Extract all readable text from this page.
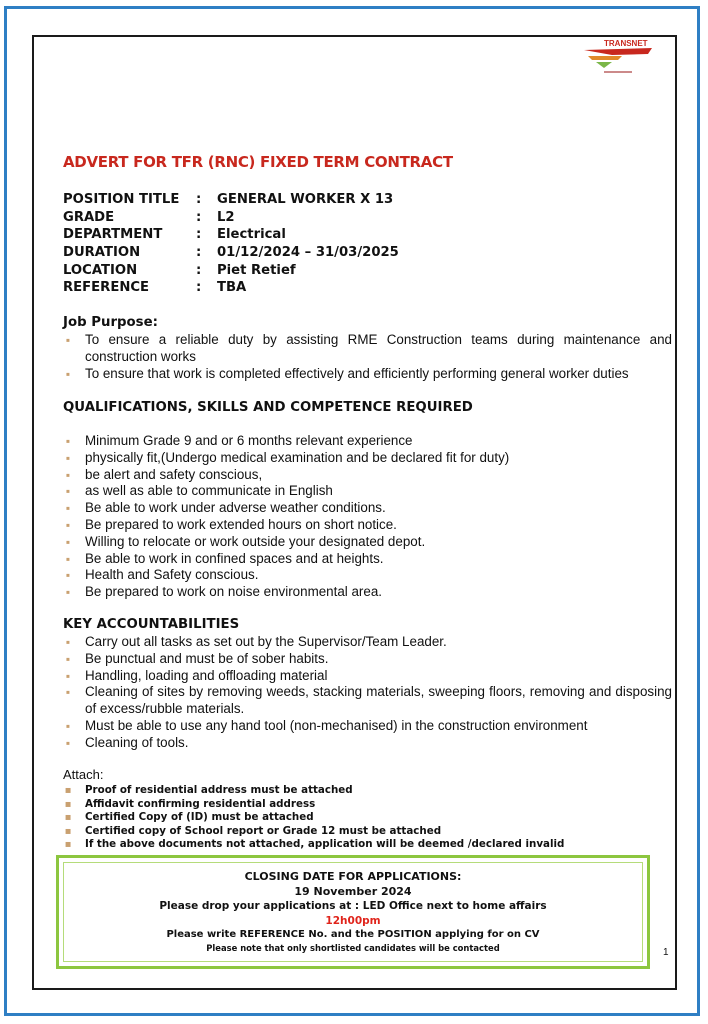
TRANSNET
ADVERT FOR TFR (RNC) FIXED TERM CONTRACT
POSITION TITLE	:	GENERAL WORKER X 13
GRADE	:	L2
DEPARTMENT	:	Electrical
DURATION	:	01/12/2024 – 31/03/2025
LOCATION	:	Piet Retief
REFERENCE	:	TBA
Job Purpose:
▪ To ensure a reliable duty by assisting RME Construction teams during maintenance and construction works
▪ To ensure that work is completed effectively and efficiently performing general worker duties
QUALIFICATIONS, SKILLS AND COMPETENCE REQUIRED
▪ Minimum Grade 9 and or 6 months relevant experience
▪ physically fit,(Undergo medical examination and be declared fit for duty)
▪ be alert and safety conscious,
▪ as well as able to communicate in English
▪ Be able to work under adverse weather conditions.
▪ Be prepared to work extended hours on short notice.
▪ Willing to relocate or work outside your designated depot.
▪ Be able to work in confined spaces and at heights.
▪ Health and Safety conscious.
▪ Be prepared to work on noise environmental area.
KEY ACCOUNTABILITIES
▪ Carry out all tasks as set out by the Supervisor/Team Leader.
▪ Be punctual and must be of sober habits.
▪ Handling, loading and offloading material
▪ Cleaning of sites by removing weeds, stacking materials, sweeping floors, removing and disposing of excess/rubble materials.
▪ Must be able to use any hand tool (non-mechanised) in the construction environment
▪ Cleaning of tools.
Attach:
▪ Proof of residential address must be attached
▪ Affidavit confirming residential address
▪ Certified Copy of (ID) must be attached
▪ Certified copy of School report or Grade 12 must be attached
▪ If the above documents not attached, application will be deemed /declared invalid
CLOSING DATE FOR APPLICATIONS:
19 November 2024
Please drop your applications at : LED Office next to home affairs
12h00pm
Please write REFERENCE No. and the POSITION applying for on CV
Please note that only shortlisted candidates will be contacted	1
